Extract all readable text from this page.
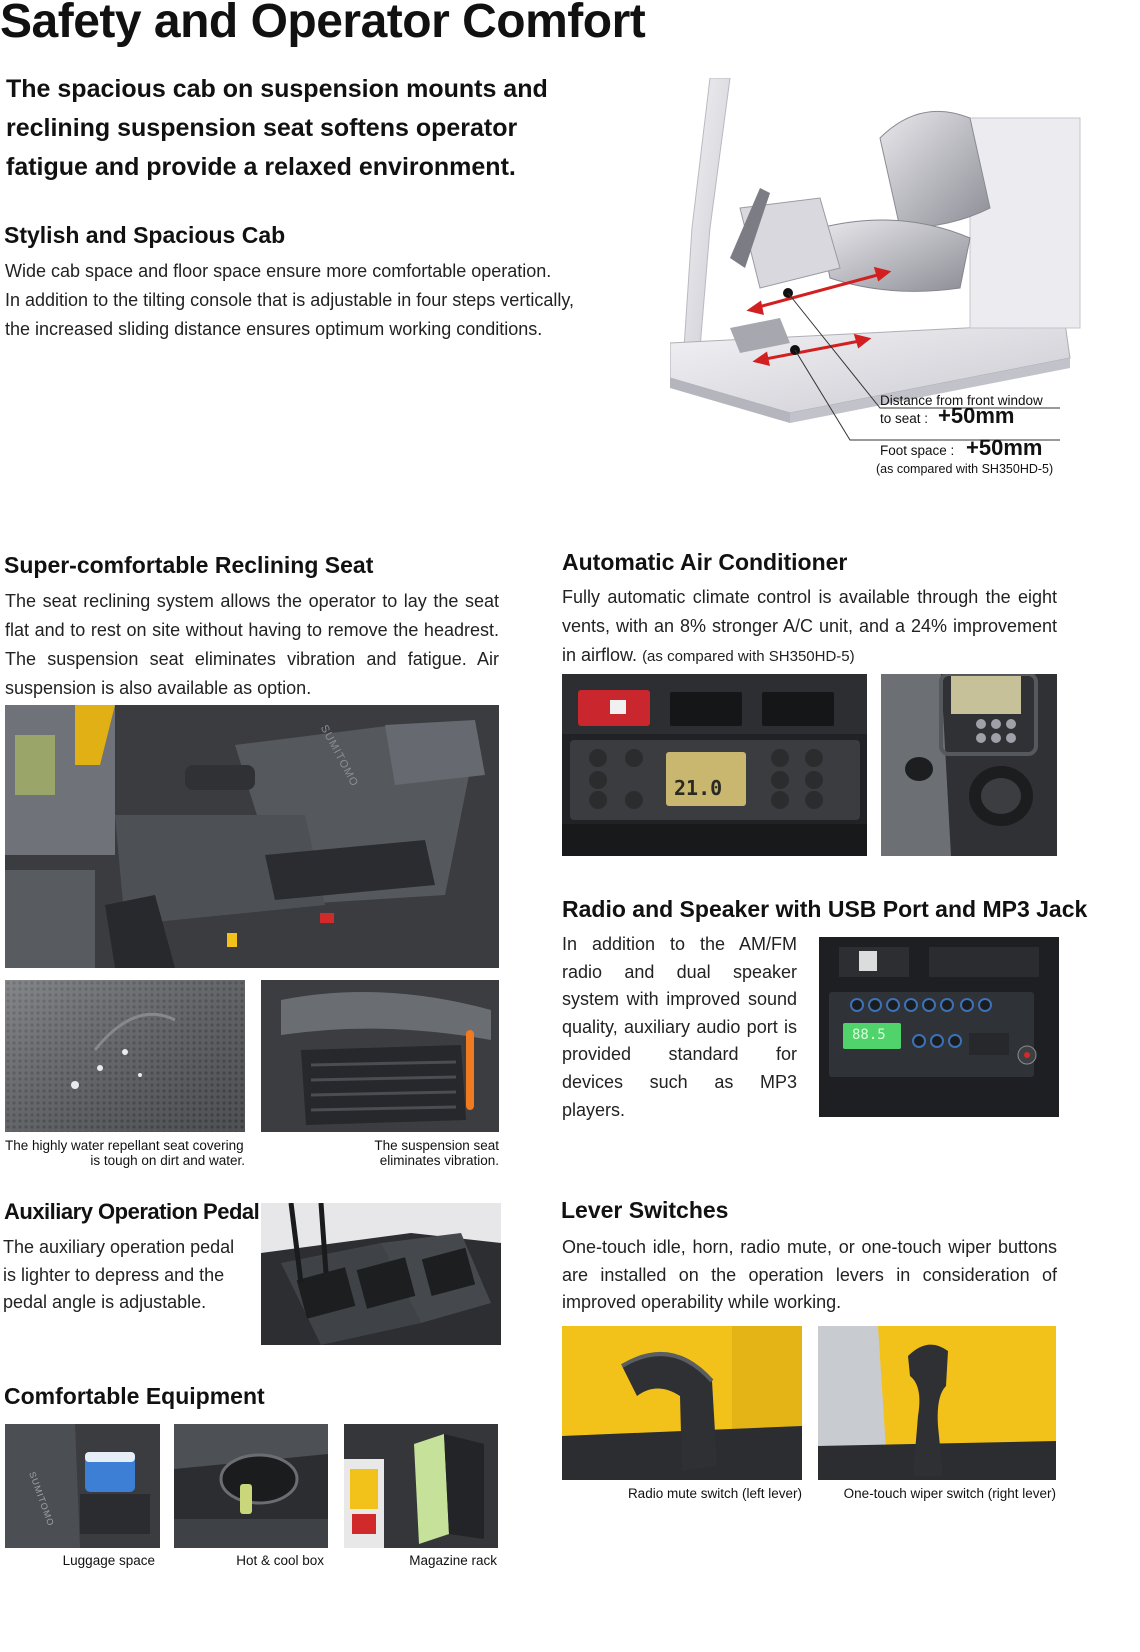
Safety and Operator Comfort
The spacious cab on suspension mounts and reclining suspension seat softens operator fatigue and provide a relaxed environment.
Stylish and Spacious Cab
Wide cab space and floor space ensure more comfortable operation.
In addition to the tilting console that is adjustable in four steps vertically,
the increased sliding distance ensures optimum working conditions.
Distance from front window
to seat : +50mm
Foot space : +50mm
(as compared with SH350HD-5)
Super-comfortable Reclining Seat
The seat reclining system allows the operator to lay the seat flat and to rest on site without having to remove the headrest. The suspension seat eliminates vibration and fatigue. Air suspension is also available as option.
SUMITOMO
The highly water repellant seat covering
is tough on dirt and water.
The suspension seat
eliminates vibration.
Automatic Air Conditioner
Fully automatic climate control is available through the eight vents, with an 8% stronger A/C unit, and a 24% improvement in airflow. (as compared with SH350HD-5)
21.0
Radio and Speaker with USB Port and MP3 Jack
In addition to the AM/FM radio and dual speaker system with improved sound quality, auxiliary audio port is provided standard for devices such as MP3 players.
88.5
Auxiliary Operation Pedal
The auxiliary operation pedal is lighter to depress and the pedal angle is adjustable.
Lever Switches
One-touch idle, horn, radio mute, or one-touch wiper buttons are installed on the operation levers in consideration of improved operability while working.
Radio mute switch (left lever)	One-touch wiper switch (right lever)
Comfortable Equipment
SUMITOMO
Luggage space	Hot & cool box	Magazine rack
